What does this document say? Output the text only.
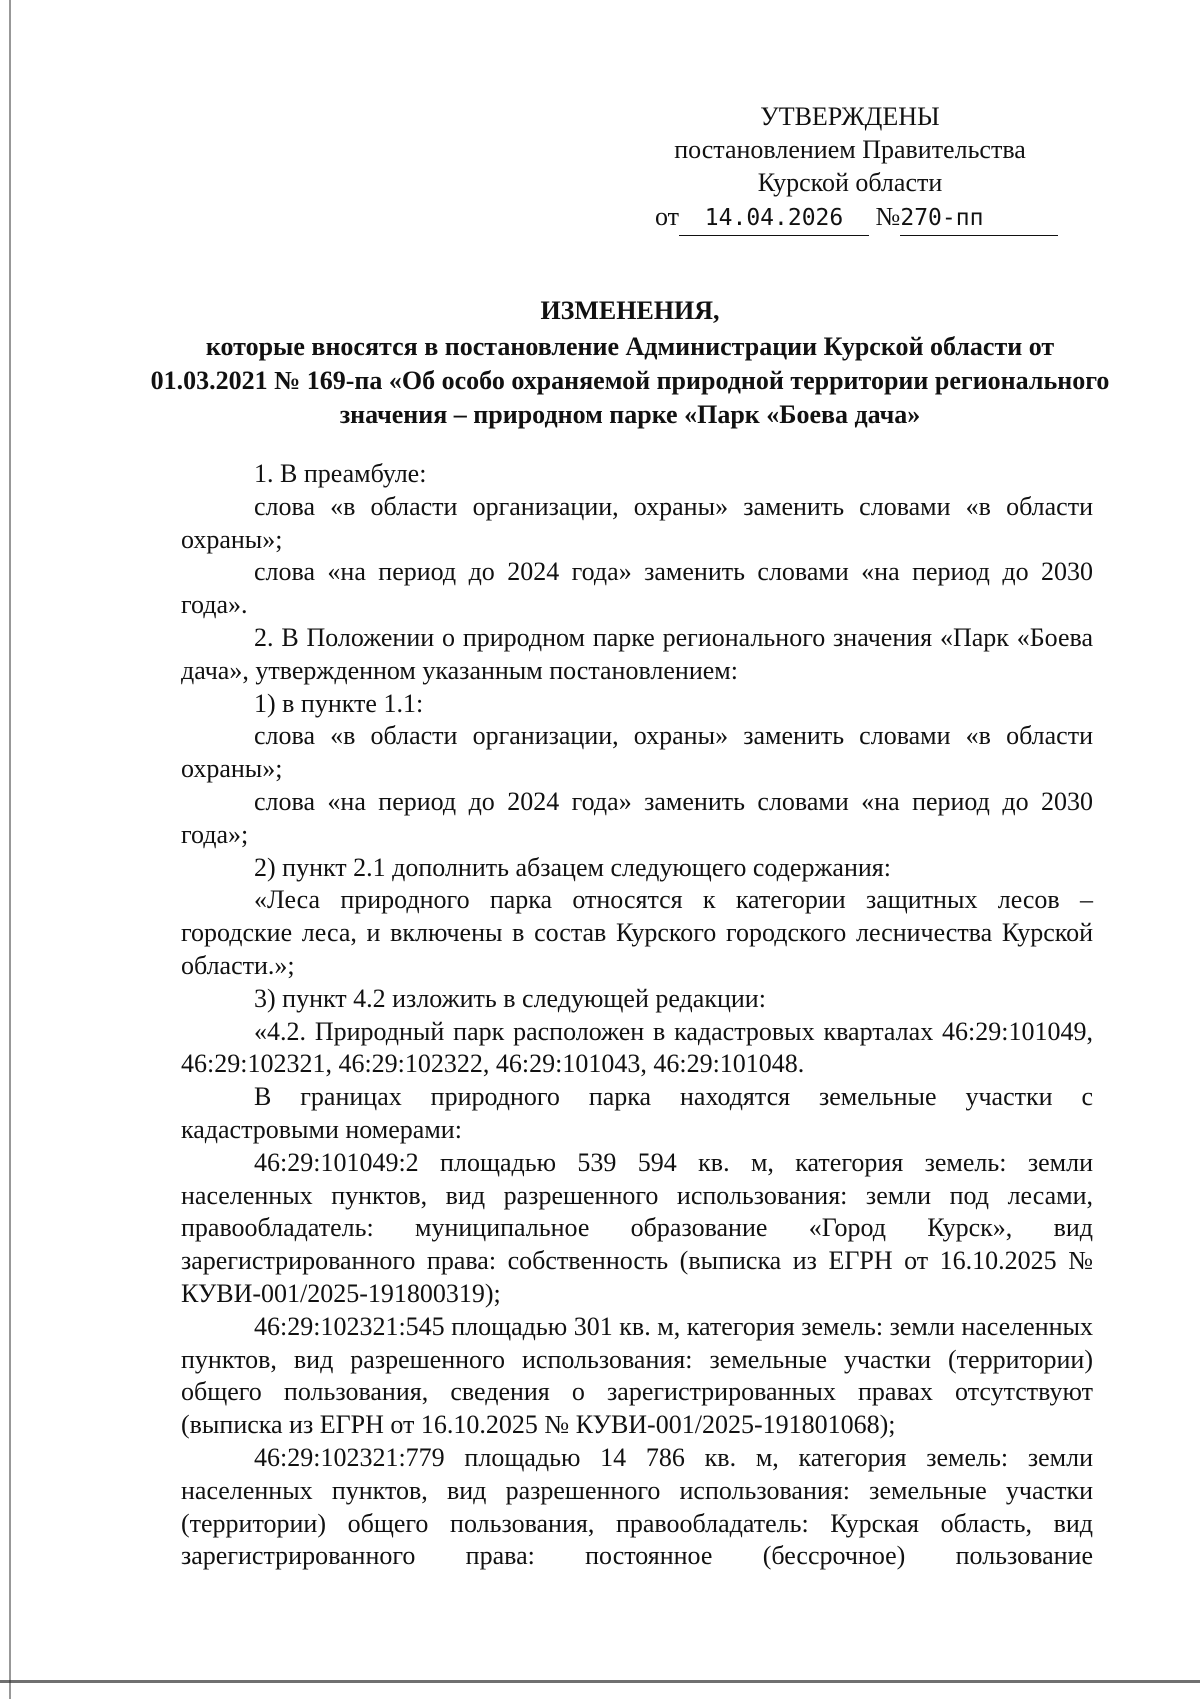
УТВЕРЖДЕНЫ
постановлением Правительства
Курской области
от 14.04.2026 №270-пп
ИЗМЕНЕНИЯ,
которые вносятся в постановление Администрации Курской области от 01.03.2021 № 169-па «Об особо охраняемой природной территории регионального значения – природном парке «Парк «Боева дача»

1. В преамбуле:

слова «в области организации, охраны» заменить словами «в области охраны»;

слова «на период до 2024 года» заменить словами «на период до 2030 года».

2. В Положении о природном парке регионального значения «Парк «Боева дача», утвержденном указанным постановлением:

1) в пункте 1.1:

слова «в области организации, охраны» заменить словами «в области охраны»;

слова «на период до 2024 года» заменить словами «на период до 2030 года»;

2) пункт 2.1 дополнить абзацем следующего содержания:

«Леса природного парка относятся к категории защитных лесов – городские леса, и включены в состав Курского городского лесничества Курской области.»;

3) пункт 4.2 изложить в следующей редакции:

«4.2. Природный парк расположен в кадастровых кварталах 46:29:101049, 46:29:102321, 46:29:102322, 46:29:101043, 46:29:101048.

В границах природного парка находятся земельные участки с кадастровыми номерами:

46:29:101049:2 площадью 539 594 кв. м, категория земель: земли населенных пунктов, вид разрешенного использования: земли под лесами, правообладатель: муниципальное образование «Город Курск», вид зарегистрированного права: собственность (выписка из ЕГРН от 16.10.2025 № КУВИ-001/2025-191800319);

46:29:102321:545 площадью 301 кв. м, категория земель: земли населенных пунктов, вид разрешенного использования: земельные участки (территории) общего пользования, сведения о зарегистрированных правах отсутствуют (выписка из ЕГРН от 16.10.2025 № КУВИ-001/2025-191801068);

46:29:102321:779 площадью 14 786 кв. м, категория земель: земли населенных пунктов, вид разрешенного использования: земельные участки (территории) общего пользования, правообладатель: Курская область, вид зарегистрированного права: постоянное (бессрочное) пользование
